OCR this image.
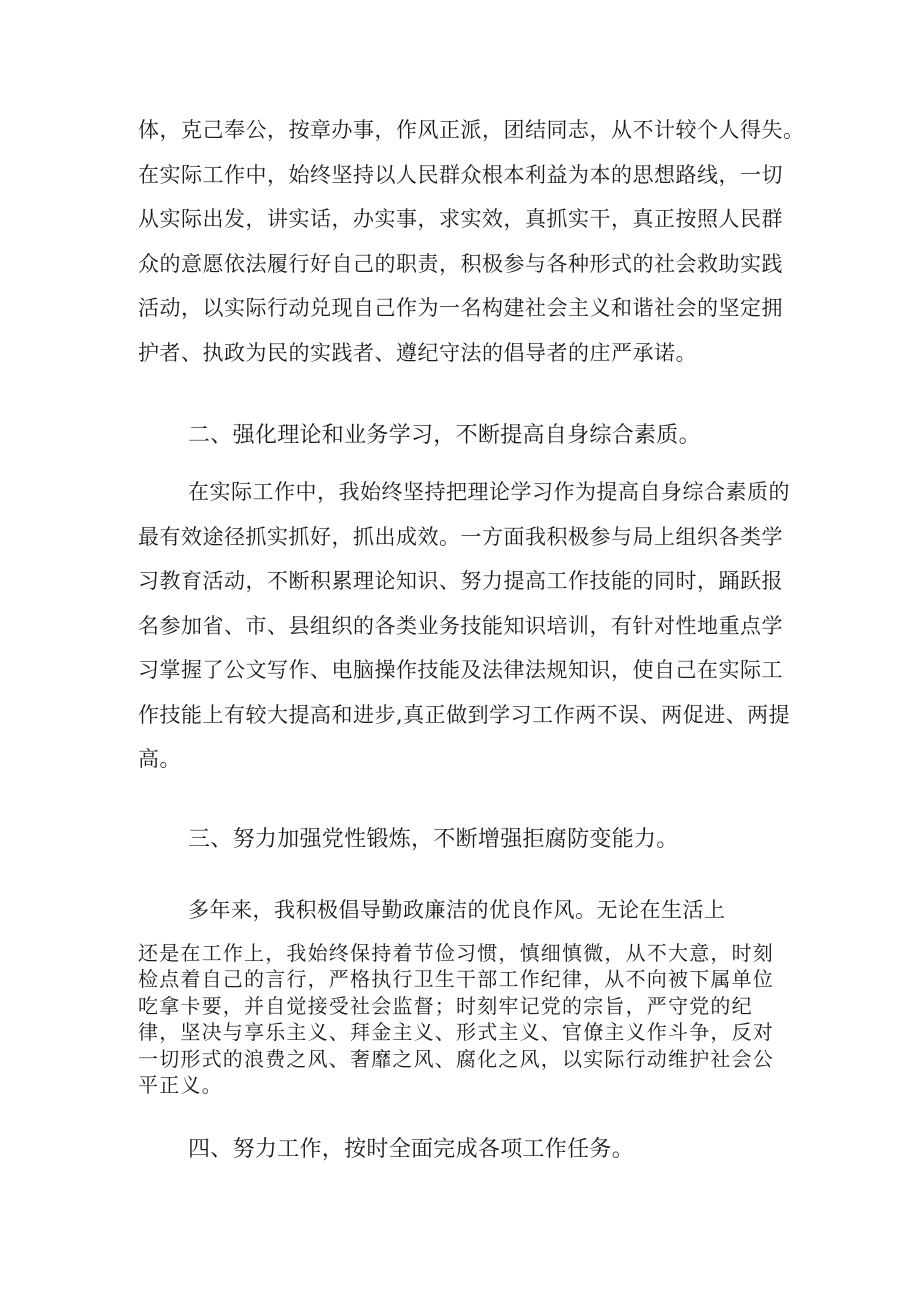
体，克己奉公，按章办事，作风正派，团结同志，从不计较个人得失。
在实际工作中，始终坚持以人民群众根本利益为本的思想路线，一切
从实际出发，讲实话，办实事，求实效，真抓实干，真正按照人民群
众的意愿依法履行好自己的职责，积极参与各种形式的社会救助实践
活动，以实际行动兑现自己作为一名构建社会主义和谐社会的坚定拥
护者、执政为民的实践者、遵纪守法的倡导者的庄严承诺。

二、强化理论和业务学习，不断提高自身综合素质。

在实际工作中，我始终坚持把理论学习作为提高自身综合素质的
最有效途径抓实抓好，抓出成效。一方面我积极参与局上组织各类学
习教育活动，不断积累理论知识、努力提高工作技能的同时，踊跃报
名参加省、市、县组织的各类业务技能知识培训，有针对性地重点学
习掌握了公文写作、电脑操作技能及法律法规知识，使自己在实际工
作技能上有较大提高和进步,真正做到学习工作两不误、两促进、两提
高。

三、努力加强党性锻炼，不断增强拒腐防变能力。

多年来，我积极倡导勤政廉洁的优良作风。无论在生活上

还是在工作上，我始终保持着节俭习惯，慎细慎微，从不大意，时刻
检点着自己的言行，严格执行卫生干部工作纪律，从不向被下属单位
吃拿卡要，并自觉接受社会监督；时刻牢记党的宗旨，严守党的纪
律，坚决与享乐主义、拜金主义、形式主义、官僚主义作斗争，反对
一切形式的浪费之风、奢靡之风、腐化之风，以实际行动维护社会公
平正义。

四、努力工作，按时全面完成各项工作任务。
